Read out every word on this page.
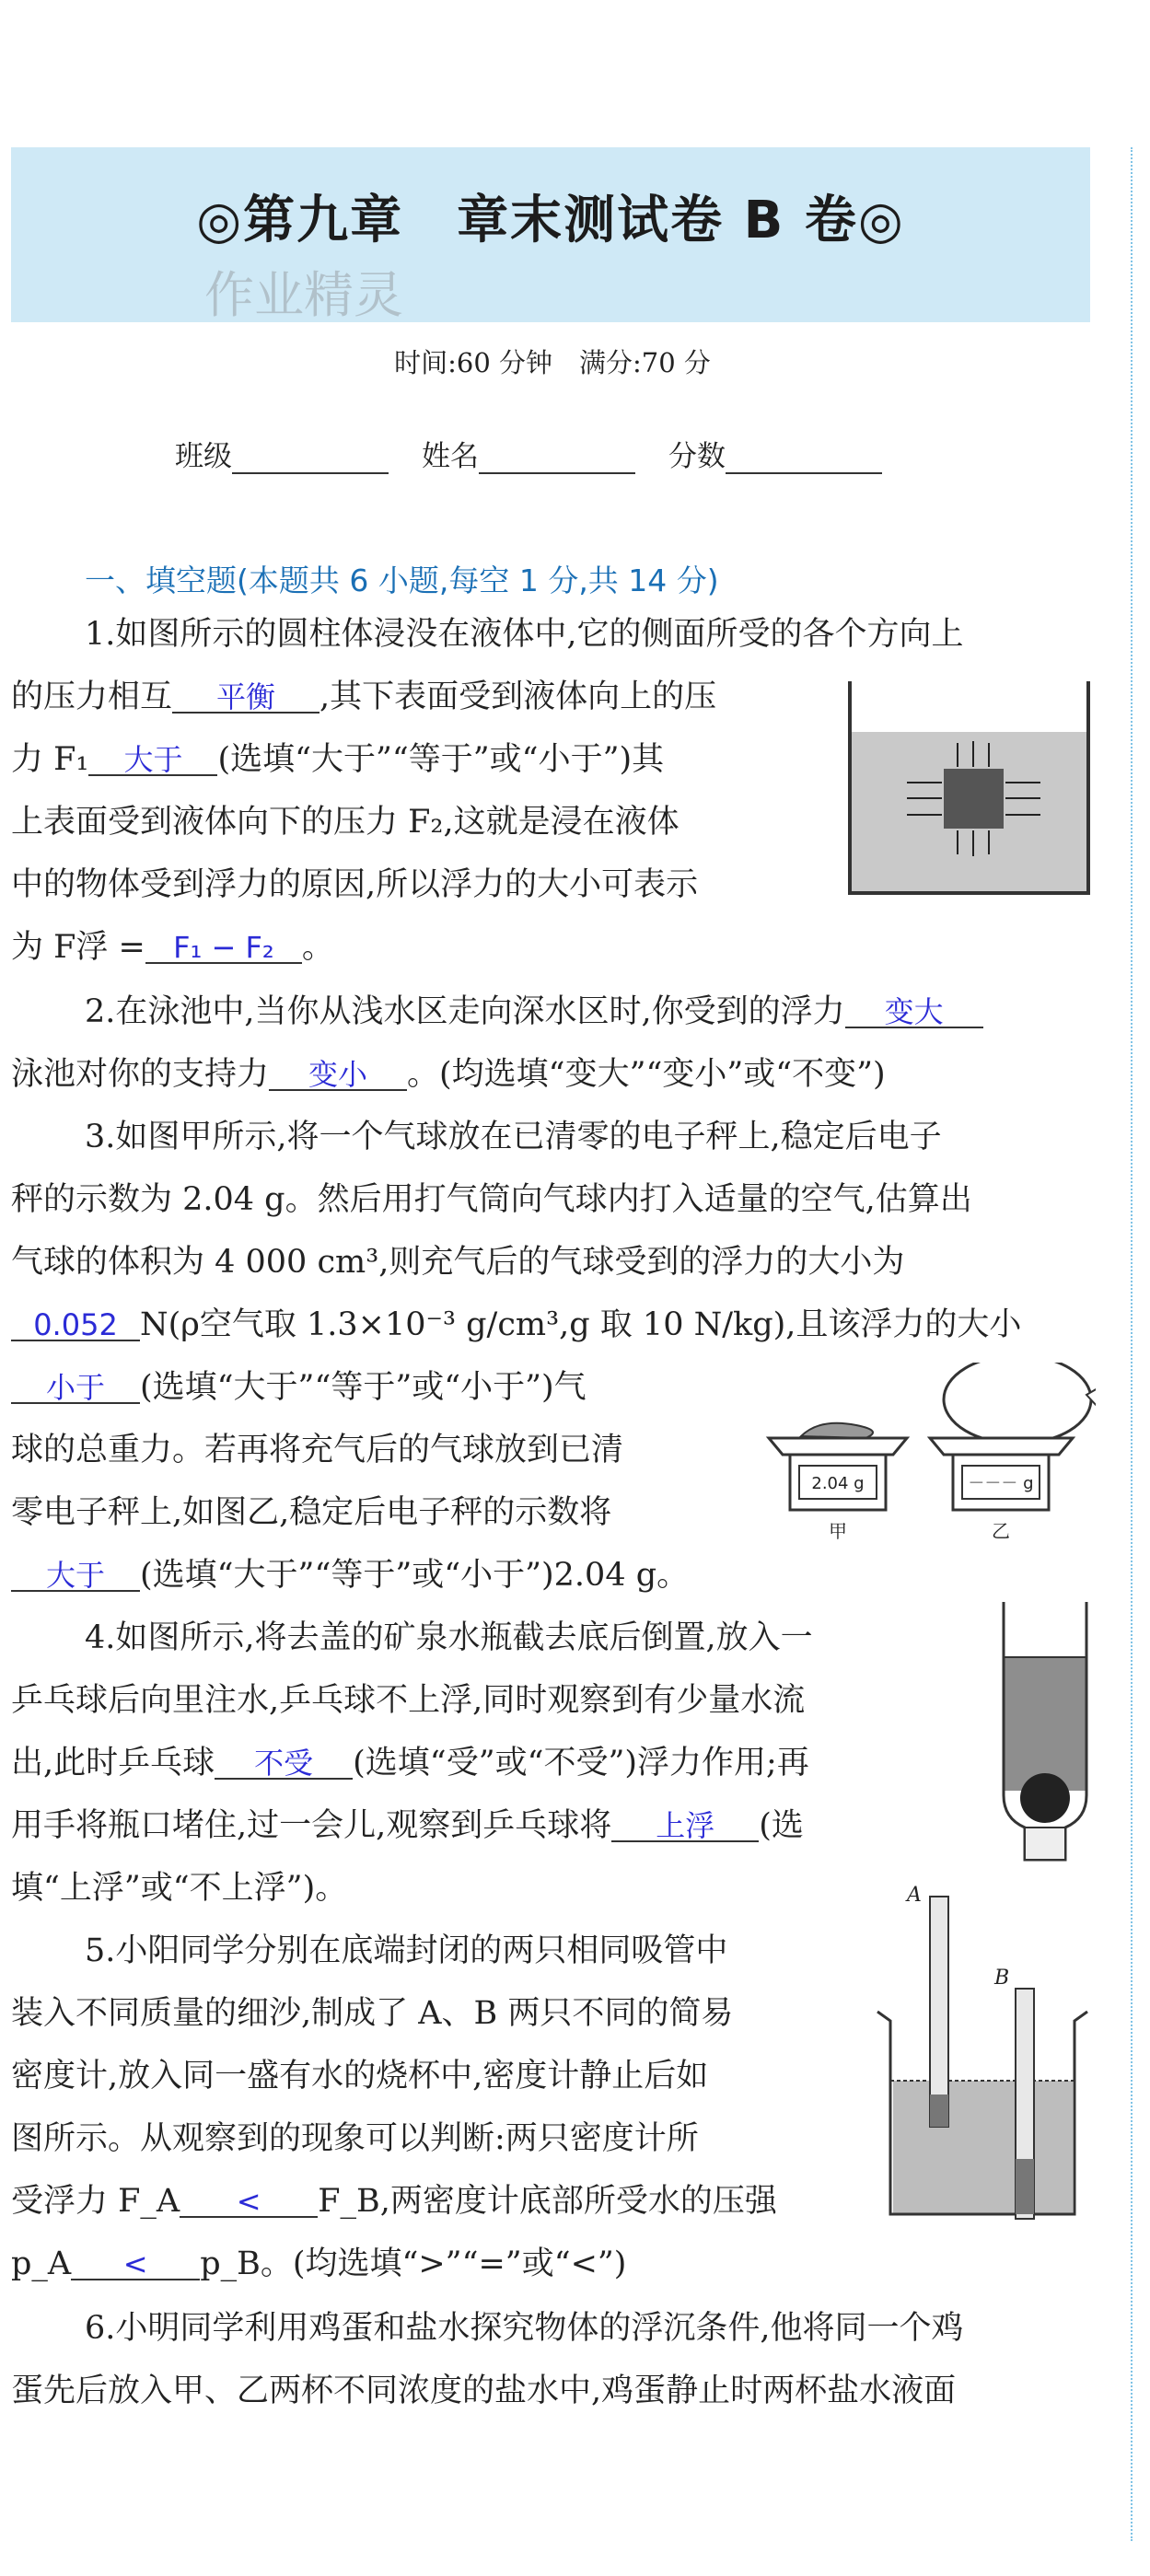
◎第九章　章末测试卷 B 卷◎
作业精灵
时间:60 分钟　满分:70 分
班级	姓名	分数
一、填空题(本题共 6 小题,每空 1 分,共 14 分)
1.如图所示的圆柱体浸没在液体中,它的侧面所受的各个方向上
的压力相互 平衡 ,其下表面受到液体向上的压
力 F₁ 大于 (选填“大于”“等于”或“小于”)其
上表面受到液体向下的压力 F₂,这就是浸在液体
中的物体受到浮力的原因,所以浮力的大小可表示
为 F浮 = F₁ − F₂ 。
2.在泳池中,当你从浅水区走向深水区时,你受到的浮力 变大
泳池对你的支持力 变小 。(均选填“变大”“变小”或“不变”)
3.如图甲所示,将一个气球放在已清零的电子秤上,稳定后电子
秤的示数为 2.04 g。然后用打气筒向气球内打入适量的空气,估算出
气球的体积为 4 000 cm³,则充气后的气球受到的浮力的大小为
0.052 N(ρ空气取 1.3×10⁻³ g/cm³,g 取 10 N/kg),且该浮力的大小
小于 (选填“大于”“等于”或“小于”)气
球的总重力。若再将充气后的气球放到已清
零电子秤上,如图乙,稳定后电子秤的示数将
大于 (选填“大于”“等于”或“小于”)2.04 g。
2.04 g
甲
－－－ g
乙
4.如图所示,将去盖的矿泉水瓶截去底后倒置,放入一
乒乓球后向里注水,乒乓球不上浮,同时观察到有少量水流
出,此时乒乓球 不受 (选填“受”或“不受”)浮力作用;再
用手将瓶口堵住,过一会儿,观察到乒乓球将 上浮 (选
填“上浮”或“不上浮”)。
5.小阳同学分别在底端封闭的两只相同吸管中
装入不同质量的细沙,制成了 A、B 两只不同的简易
密度计,放入同一盛有水的烧杯中,密度计静止后如
图所示。从观察到的现象可以判断:两只密度计所
受浮力 F_A < F_B,两密度计底部所受水的压强
p_A < p_B。(均选填“>”“=”或“<”)
A
B
6.小明同学利用鸡蛋和盐水探究物体的浮沉条件,他将同一个鸡
蛋先后放入甲、乙两杯不同浓度的盐水中,鸡蛋静止时两杯盐水液面
